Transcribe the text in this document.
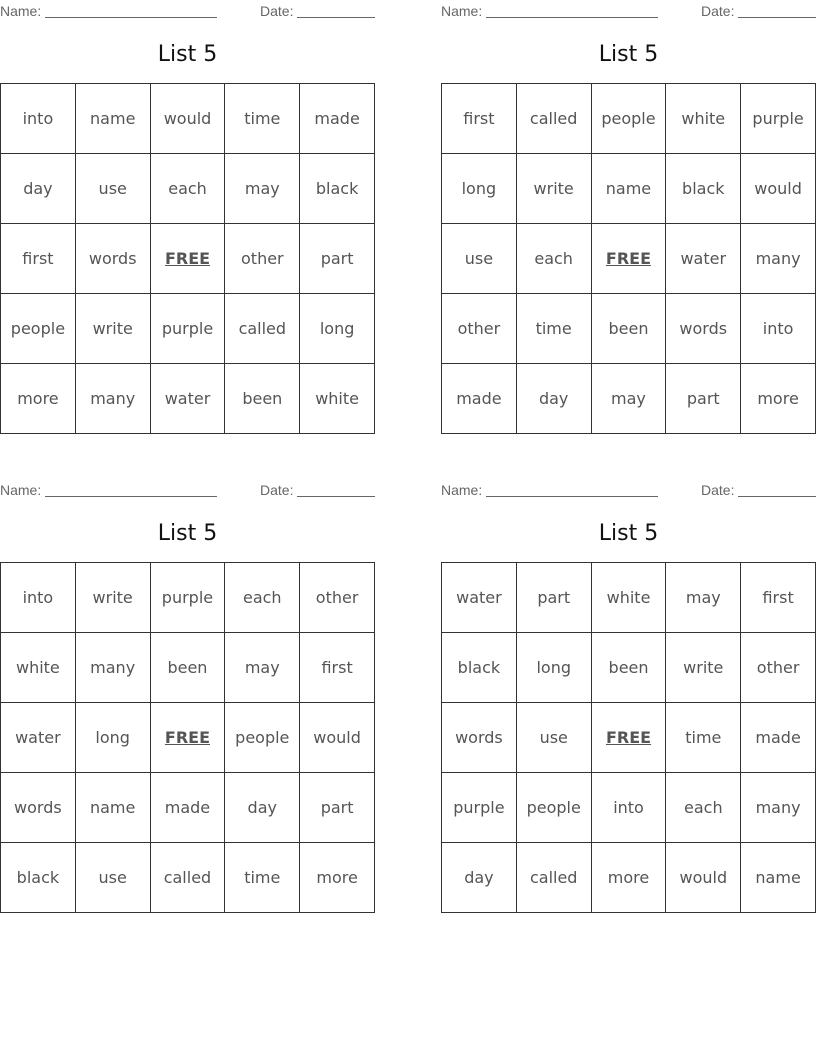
Name:	Date:
List 5
into	name	would	time	made
day	use	each	may	black
first	words	FREE	other	part
people	write	purple	called	long
more	many	water	been	white
Name:	Date:
List 5
first	called	people	white	purple
long	write	name	black	would
use	each	FREE	water	many
other	time	been	words	into
made	day	may	part	more
Name:	Date:
List 5
into	write	purple	each	other
white	many	been	may	first
water	long	FREE	people	would
words	name	made	day	part
black	use	called	time	more
Name:	Date:
List 5
water	part	white	may	first
black	long	been	write	other
words	use	FREE	time	made
purple	people	into	each	many
day	called	more	would	name
